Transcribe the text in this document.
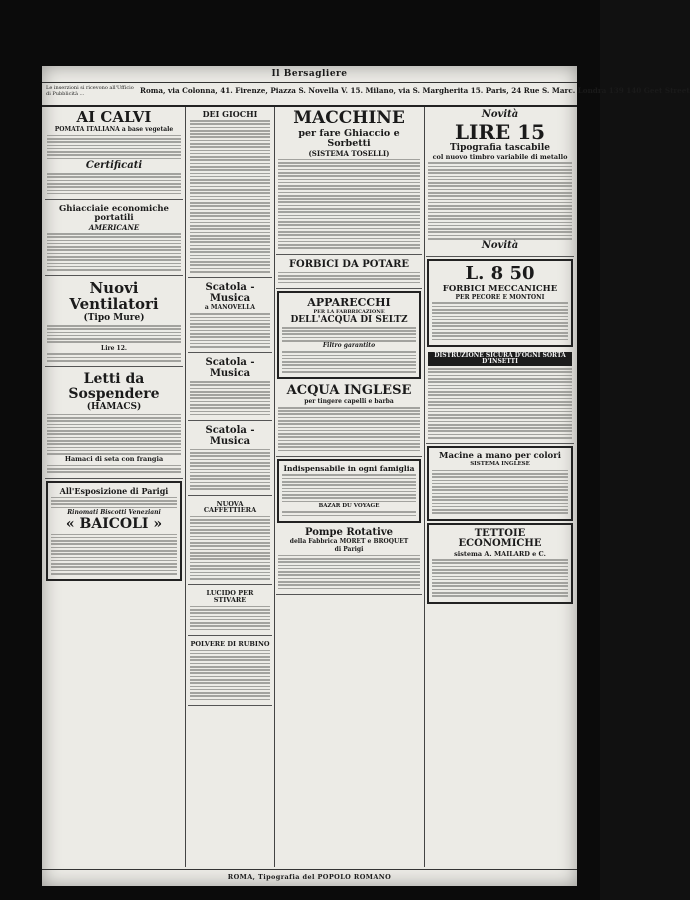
Il Bersagliere
Le inserzioni si ricevono all'Ufficio di Pubblicità ...	Roma, via Colonna, 41. Firenze, Piazza S. Novella V. 15. Milano, via S. Margherita 15. Paris, 24 Rue S. Marc. Londra 139 140 Geet Street
AI CALVI
POMATA ITALIANA a base vegetale
Certificati
Ghiacciaie economiche portatili
AMERICANE
Nuovi Ventilatori
(Tipo Mure)
Lire 12.
Letti da Sospendere
(HAMACS)
Hamaci di seta con frangia
All'Esposizione di Parigi
Rinomati Biscotti Veneziani
« BAICOLI »
DEI GIOCHI
Scatola - Musica
a MANOVELLA
Scatola - Musica
Scatola - Musica
NUOVA CAFFETTIERA
LUCIDO PER STIVARE
POLVERE DI RUBINO
MACCHINE
per fare Ghiaccio e Sorbetti
(SISTEMA TOSELLI)
FORBICI DA POTARE
APPARECCHI
PER LA FABBRICAZIONE
DELL'ACQUA DI SELTZ
Filtro garantito
ACQUA INGLESE
per tingere capelli e barba
Indispensabile in ogni famiglia
BAZAR DU VOYAGE
Pompe Rotative
della Fabbrica MORET e BROQUET
di Parigi
Novità
LIRE 15
Tipografia tascabile
col nuovo timbro variabile di metallo
Novità
L. 8 50
FORBICI MECCANICHE
PER PECORE E MONTONI
DISTRUZIONE SICURA D'OGNI SORTA D'INSETTI
Macine a mano per colori
SISTEMA INGLESE
TETTOIE ECONOMICHE
sistema A. MAILARD e C.
ROMA, Tipografia del POPOLO ROMANO
